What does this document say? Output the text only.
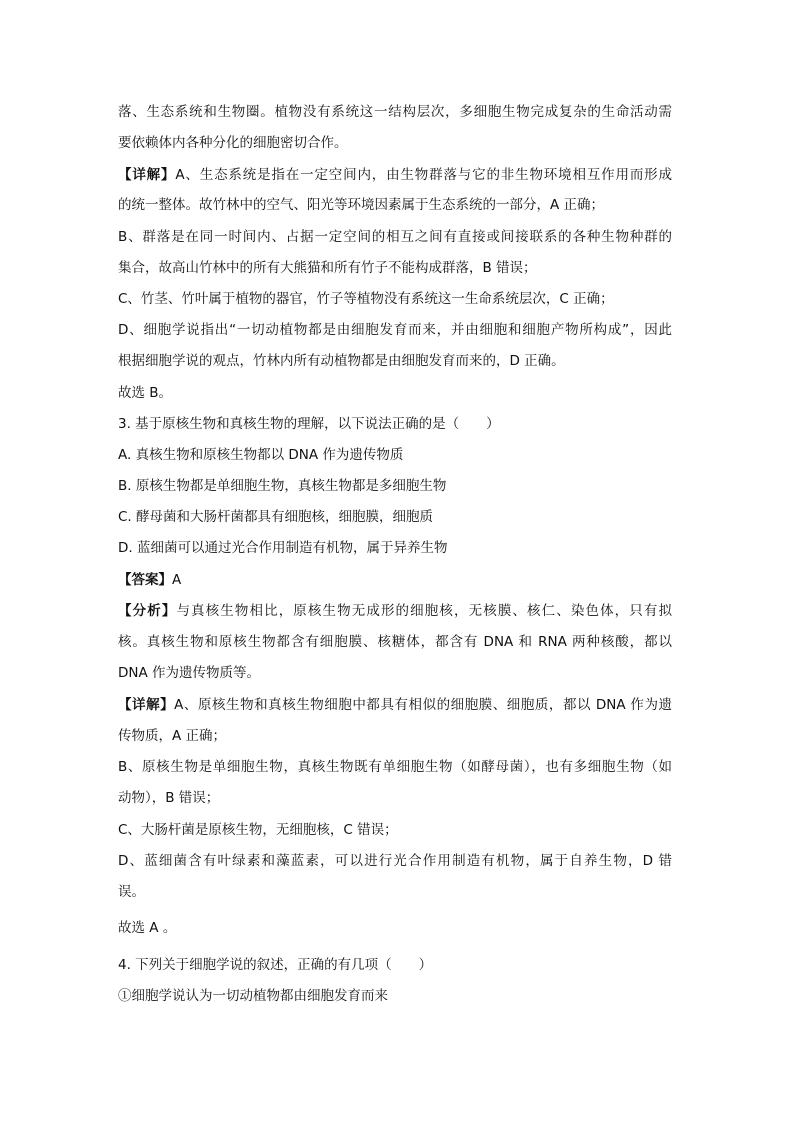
落、生态系统和生物圈。植物没有系统这一结构层次，多细胞生物完成复杂的生命活动需
要依赖体内各种分化的细胞密切合作。
【详解】A、生态系统是指在一定空间内，由生物群落与它的非生物环境相互作用而形成
的统一整体。故竹林中的空气、阳光等环境因素属于生态系统的一部分，A 正确；
B、群落是在同一时间内、占据一定空间的相互之间有直接或间接联系的各种生物种群的
集合，故高山竹林中的所有大熊猫和所有竹子不能构成群落，B 错误；
C、竹茎、竹叶属于植物的器官，竹子等植物没有系统这一生命系统层次，C 正确；
D、细胞学说指出“一切动植物都是由细胞发育而来，并由细胞和细胞产物所构成”，因此
根据细胞学说的观点，竹林内所有动植物都是由细胞发育而来的，D 正确。
故选 B。
3. 基于原核生物和真核生物的理解，以下说法正确的是（　　）
A. 真核生物和原核生物都以 DNA 作为遗传物质
B. 原核生物都是单细胞生物，真核生物都是多细胞生物
C. 酵母菌和大肠杆菌都具有细胞核，细胞膜，细胞质
D. 蓝细菌可以通过光合作用制造有机物，属于异养生物
【答案】A
【分析】与真核生物相比，原核生物无成形的细胞核，无核膜、核仁、染色体，只有拟
核。真核生物和原核生物都含有细胞膜、核糖体，都含有 DNA 和 RNA 两种核酸，都以
DNA 作为遗传物质等。
【详解】A、原核生物和真核生物细胞中都具有相似的细胞膜、细胞质，都以 DNA 作为遗
传物质，A 正确；
B、原核生物是单细胞生物，真核生物既有单细胞生物（如酵母菌），也有多细胞生物（如
动物），B 错误；
C、大肠杆菌是原核生物，无细胞核，C 错误；
D、蓝细菌含有叶绿素和藻蓝素，可以进行光合作用制造有机物，属于自养生物，D 错
误。
故选 A 。
4. 下列关于细胞学说的叙述，正确的有几项（　　）
①细胞学说认为一切动植物都由细胞发育而来
